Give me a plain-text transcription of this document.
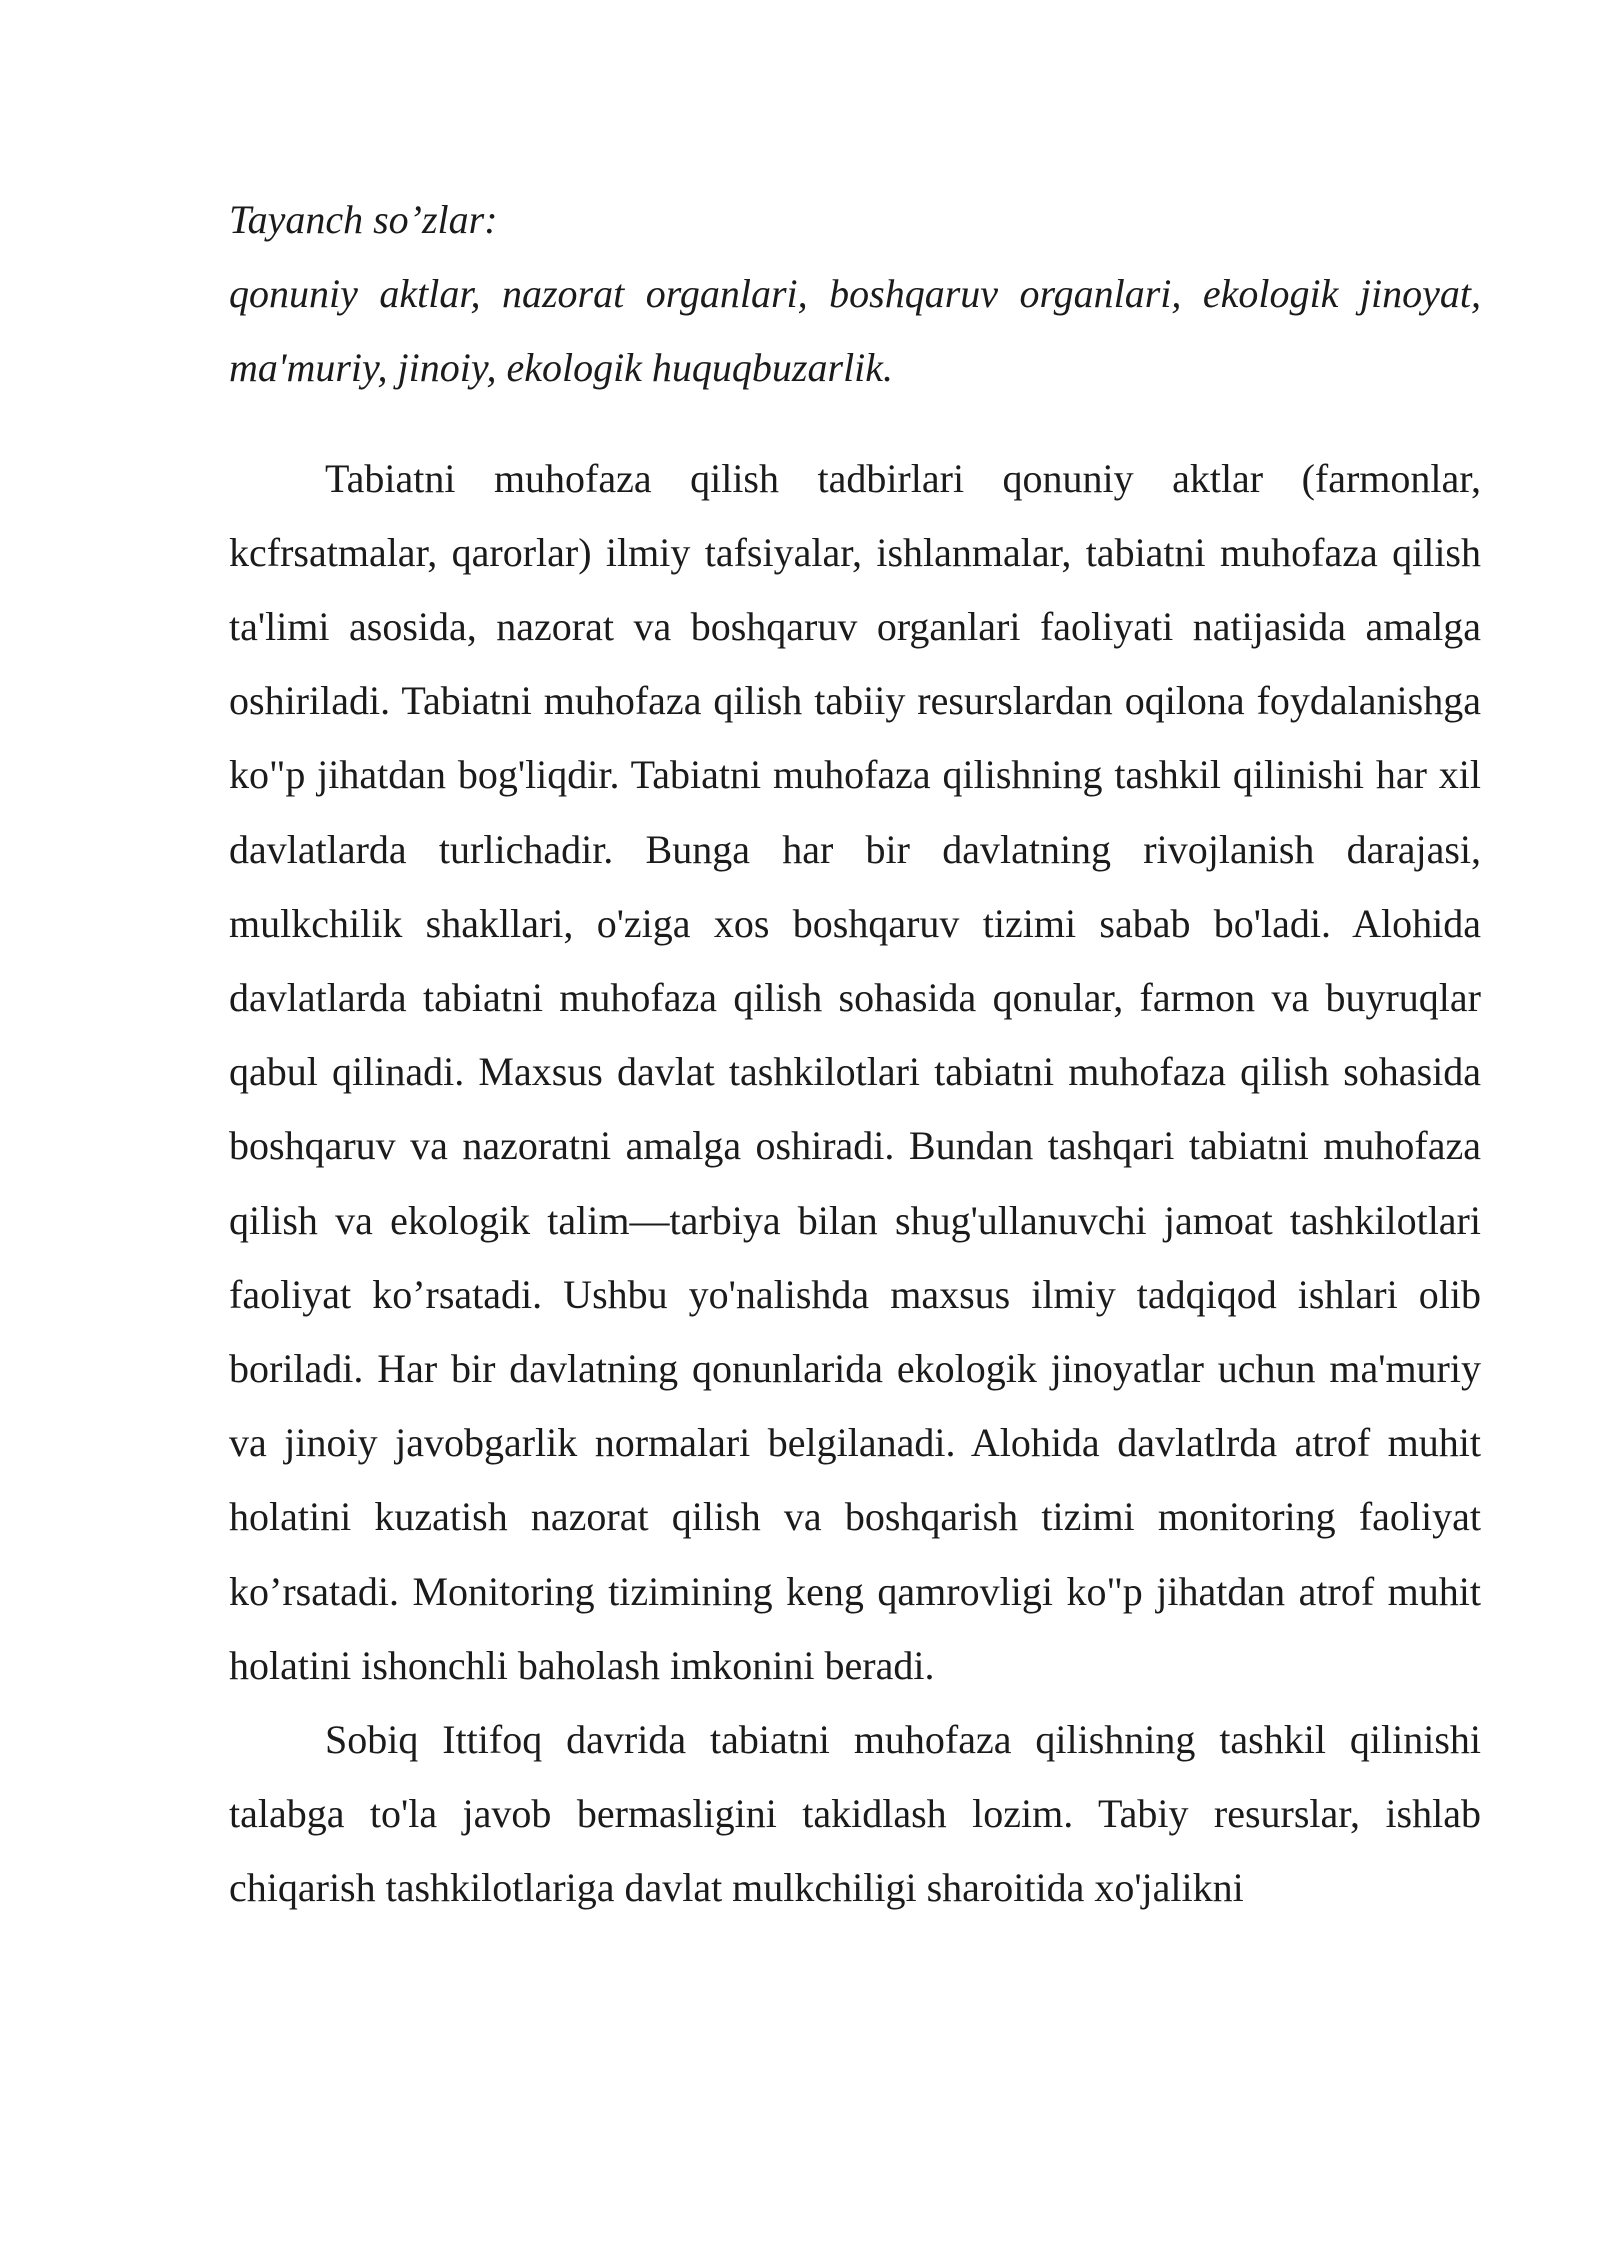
Tayanch so’zlar:

qonuniy aktlar, nazorat organlari, boshqaruv organlari, ekologik jinoyat, ma'muriy, jinoiy, ekologik huquqbuzarlik.

Tabiatni muhofaza qilish tadbirlari qonuniy aktlar (farmonlar, kcfrsatmalar, qarorlar) ilmiy tafsiyalar, ishlanmalar, tabiatni muhofaza qilish ta'limi asosida, nazorat va boshqaruv organlari faoliyati natijasida amalga oshiriladi. Tabiatni muhofaza qilish tabiiy resurslardan oqilona foydalanishga ko"p jihatdan bog'liqdir. Tabiatni muhofaza qilishning tashkil qilinishi har xil davlatlarda turlichadir. Bunga har bir davlatning rivojlanish darajasi, mulkchilik shakllari, o'ziga xos boshqaruv tizimi sabab bo'ladi. Alohida davlatlarda tabiatni muhofaza qilish sohasida qonular, farmon va buyruqlar qabul qilinadi. Maxsus davlat tashkilotlari tabiatni muhofaza qilish sohasida boshqaruv va nazoratni amalga oshiradi. Bundan tashqari tabiatni muhofaza qilish va ekologik talim—tarbiya bilan shug'ullanuvchi jamoat tashkilotlari faoliyat ko’rsatadi. Ushbu yo'nalishda maxsus ilmiy tadqiqod ishlari olib boriladi. Har bir davlatning qonunlarida ekologik jinoyatlar uchun ma'muriy va jinoiy javobgarlik normalari belgilanadi. Alohida davlatlrda atrof muhit holatini kuzatish nazorat qilish va boshqarish tizimi monitoring faoliyat ko’rsatadi. Monitoring tizimining keng qamrovligi ko"p jihatdan atrof muhit holatini ishonchli baholash imkonini beradi.

Sobiq Ittifoq davrida tabiatni muhofaza qilishning tashkil qilinishi talabga to'la javob bermasligini takidlash lozim. Tabiy resurslar, ishlab chiqarish tashkilotlariga davlat mulkchiligi sharoitida xo'jalikni
